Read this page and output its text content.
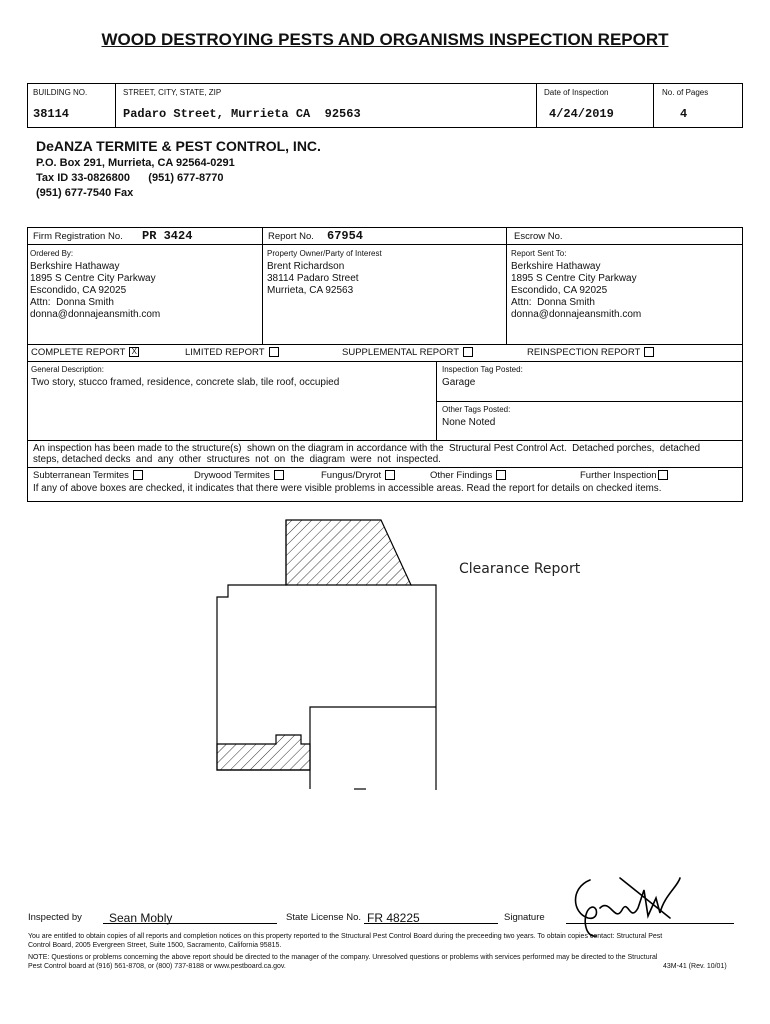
WOOD DESTROYING PESTS AND ORGANISMS INSPECTION REPORT
BUILDING NO.	STREET, CITY, STATE, ZIP	Date of Inspection	No. of Pages
38114	Padaro Street, Murrieta CA  92563	4/24/2019	4
DeANZA TERMITE & PEST CONTROL, INC.
P.O. Box 291, Murrieta, CA 92564-0291
Tax ID 33-0826800      (951) 677-8770
(951) 677-7540 Fax
Firm Registration No. PR 3424	Report No. 67954	Escrow No.
Ordered By:
Berkshire Hathaway
1895 S Centre City Parkway
Escondido, CA 92025
Attn:  Donna Smith
donna@donnajeansmith.com
Property Owner/Party of Interest
Brent Richardson
38114 Padaro Street
Murrieta, CA 92563
Report Sent To:
Berkshire Hathaway
1895 S Centre City Parkway
Escondido, CA 92025
Attn:  Donna Smith
donna@donnajeansmith.com
COMPLETE REPORT X	LIMITED REPORT	SUPPLEMENTAL REPORT	REINSPECTION REPORT
General Description:
Two story, stucco framed, residence, concrete slab, tile roof, occupied
Inspection Tag Posted:
Garage
Other Tags Posted:
None Noted
An inspection has been made to the structure(s)  shown on the diagram in accordance with the  Structural Pest Control Act.  Detached porches,  detached
steps, detached decks  and  any  other  structures  not  on  the  diagram  were  not  inspected.
Subterranean Termites	Drywood Termites	Fungus/Dryrot	Other Findings	Further Inspection
If any of above boxes are checked, it indicates that there were visible problems in accessible areas. Read the report for details on checked items.
Clearance Report
Inspected by Sean Mobly	State License No. FR 48225	Signature
You are entitled to obtain copies of all reports and completion notices on this property reported to the Structural Pest Control Board during the preceeding two years. To obtain copies contact: Structural Pest
Control Board, 2005 Evergreen Street, Suite 1500, Sacramento, California 95815.
NOTE: Questions or problems concerning the above report should be directed to the manager of the company. Unresolved questions or problems with services performed may be directed to the Structural
Pest Control board at (916) 561-8708, or (800) 737-8188 or www.pestboard.ca.gov.	43M-41 (Rev. 10/01)
